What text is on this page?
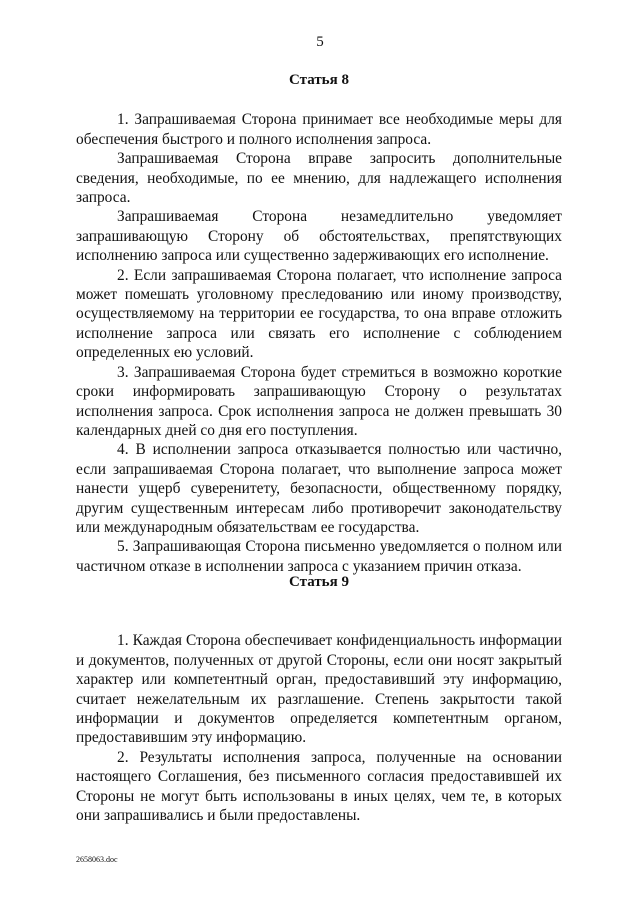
5
Статья 8

1. Запрашиваемая Сторона принимает все необходимые меры для обеспечения быстрого и полного исполнения запроса.

Запрашиваемая Сторона вправе запросить дополнительные сведения, необходимые, по ее мнению, для надлежащего исполнения запроса.

Запрашиваемая Сторона незамедлительно уведомляет запрашивающую Сторону об обстоятельствах, препятствующих исполнению запроса или существенно задерживающих его исполнение.

2. Если запрашиваемая Сторона полагает, что исполнение запроса может помешать уголовному преследованию или иному производству, осуществляемому на территории ее государства, то она вправе отложить исполнение запроса или связать его исполнение с соблюдением определенных ею условий.

3. Запрашиваемая Сторона будет стремиться в возможно короткие сроки информировать запрашивающую Сторону о результатах исполнения запроса. Срок исполнения запроса не должен превышать 30 календарных дней со дня его поступления.

4. В исполнении запроса отказывается полностью или частично, если запрашиваемая Сторона полагает, что выполнение запроса может нанести ущерб суверенитету, безопасности, общественному порядку, другим существенным интересам либо противоречит законодательству или международным обязательствам ее государства.

5. Запрашивающая Сторона письменно уведомляется о полном или частичном отказе в исполнении запроса с указанием причин отказа.

Статья 9

1. Каждая Сторона обеспечивает конфиденциальность информации и документов, полученных от другой Стороны, если они носят закрытый характер или компетентный орган, предоставивший эту информацию, считает нежелательным их разглашение. Степень закрытости такой информации и документов определяется компетентным органом, предоставившим эту информацию.

2. Результаты исполнения запроса, полученные на основании настоящего Соглашения, без письменного согласия предоставившей их Стороны не могут быть использованы в иных целях, чем те, в которых они запрашивались и были предоставлены.

2658063.doc
